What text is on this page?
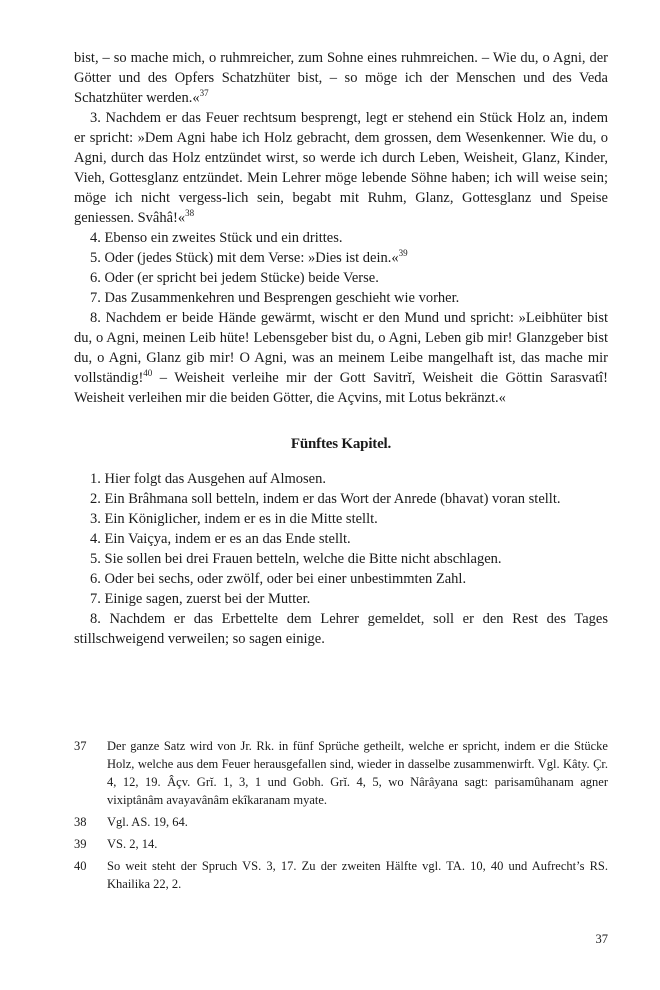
bist, – so mache mich, o ruhmreicher, zum Sohne eines ruhmreichen. – Wie du, o Agni, der Götter und des Opfers Schatzhüter bist, – so möge ich der Menschen und des Veda Schatzhüter werden.«$^{37}$

3. Nachdem er das Feuer rechtsum besprengt, legt er stehend ein Stück Holz an, indem er spricht: »Dem Agni habe ich Holz gebracht, dem grossen, dem Wesenkenner. Wie du, o Agni, durch das Holz entzündet wirst, so werde ich durch Leben, Weisheit, Glanz, Kinder, Vieh, Gottesglanz entzündet. Mein Lehrer möge lebende Söhne haben; ich will weise sein; möge ich nicht vergess-lich sein, begabt mit Ruhm, Glanz, Gottesglanz und Speise geniessen. Svâhâ!«$^{38}$

4. Ebenso ein zweites Stück und ein drittes.

5. Oder (jedes Stück) mit dem Verse: »Dies ist dein.«$^{39}$

6. Oder (er spricht bei jedem Stücke) beide Verse.

7. Das Zusammenkehren und Besprengen geschieht wie vorher.

8. Nachdem er beide Hände gewärmt, wischt er den Mund und spricht: »Leibhüter bist du, o Agni, meinen Leib hüte! Lebensgeber bist du, o Agni, Leben gib mir! Glanzgeber bist du, o Agni, Glanz gib mir! O Agni, was an meinem Leibe mangelhaft ist, das mache mir vollständig!$^{40}$ – Weisheit verleihe mir der Gott Savitrĭ, Weisheit die Göttin Sarasvatî! Weisheit verleihen mir die beiden Götter, die Açvins, mit Lotus bekränzt.«

Fünftes Kapitel.

1. Hier folgt das Ausgehen auf Almosen.

2. Ein Brâhmana soll betteln, indem er das Wort der Anrede (bhavat) voran stellt.

3. Ein Königlicher, indem er es in die Mitte stellt.

4. Ein Vaiçya, indem er es an das Ende stellt.

5. Sie sollen bei drei Frauen betteln, welche die Bitte nicht abschlagen.

6. Oder bei sechs, oder zwölf, oder bei einer unbestimmten Zahl.

7. Einige sagen, zuerst bei der Mutter.

8. Nachdem er das Erbettelte dem Lehrer gemeldet, soll er den Rest des Tages stillschweigend verweilen; so sagen einige.

37	Der ganze Satz wird von Jr. Rk. in fünf Sprüche getheilt, welche er spricht, indem er die Stücke Holz, welche aus dem Feuer herausgefallen sind, wieder in dasselbe zusammenwirft. Vgl. Kâty. Çr. 4, 12, 19. Âçv. Grĭ. 1, 3, 1 und Gobh. Grĭ. 4, 5, wo Nârâyana sagt: parisamûhanam agner vixiptânâm avayavânâm ekîkaranam myate.
38	Vgl. AS. 19, 64.
39	VS. 2, 14.
40	So weit steht der Spruch VS. 3, 17. Zu der zweiten Hälfte vgl. TA. 10, 40 und Aufrecht’s RS. Khailika 22, 2.
37
